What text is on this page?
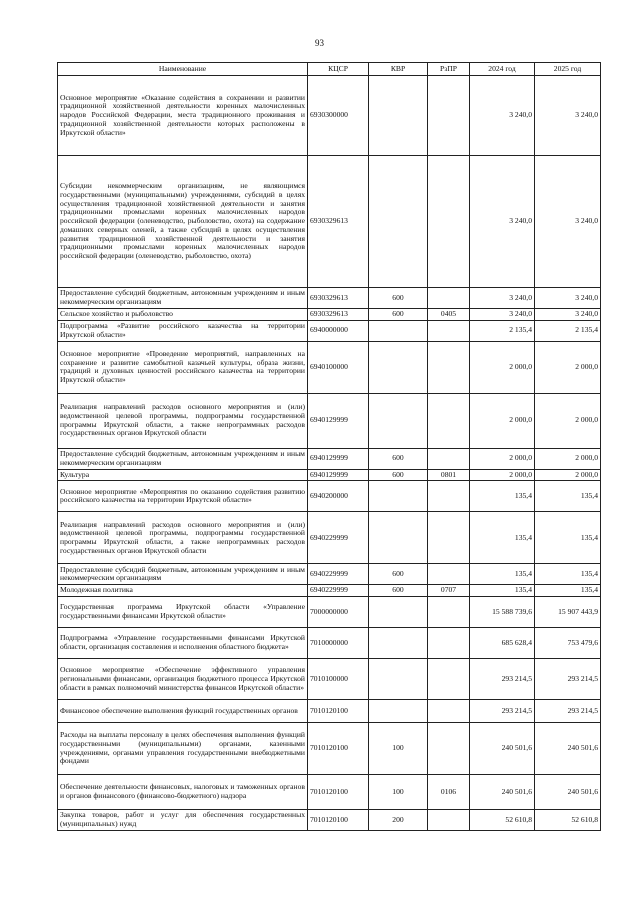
93
Наименование	КЦСР	КВР	РзПР	2024 год	2025 год
Основное мероприятие «Оказание содействия в сохранении и развитии традиционной хозяйственной деятельности коренных малочисленных народов Российской Федерации, места традиционного проживания и традиционной хозяйственной деятельности которых расположены в Иркутской области»	6930300000			3 240,0	3 240,0
Субсидии некоммерческим организациям, не являющимся государственными (муниципальными) учреждениями, субсидий в целях осуществления традиционной хозяйственной деятельности и занятия традиционными промыслами коренных малочисленных народов российской федерации (оленеводство, рыболовство, охота) на содержание домашних северных оленей, а также субсидий в целях осуществления развития традиционной хозяйственной деятельности и занятия традиционными промыслами коренных малочисленных народов российской федерации (оленеводство, рыболовство, охота)	6930329613			3 240,0	3 240,0
Предоставление субсидий бюджетным, автономным учреждениям и иным некоммерческим организациям	6930329613	600		3 240,0	3 240,0
Сельское хозяйство и рыболовство	6930329613	600	0405	3 240,0	3 240,0
Подпрограмма «Развитие российского казачества на территории Иркутской области»	6940000000			2 135,4	2 135,4
Основное мероприятие «Проведение мероприятий, направленных на сохранение и развитие самобытной казачьей культуры, образа жизни, традиций и духовных ценностей российского казачества на территории Иркутской области»	6940100000			2 000,0	2 000,0
Реализация направлений расходов основного мероприятия и (или) ведомственной целевой программы, подпрограммы государственной программы Иркутской области, а также непрограммных расходов государственных органов Иркутской области	6940129999			2 000,0	2 000,0
Предоставление субсидий бюджетным, автономным учреждениям и иным некоммерческим организациям	6940129999	600		2 000,0	2 000,0
Культура	6940129999	600	0801	2 000,0	2 000,0
Основное мероприятие «Мероприятия по оказанию содействия развитию российского казачества на территории Иркутской области»	6940200000			135,4	135,4
Реализация направлений расходов основного мероприятия и (или) ведомственной целевой программы, подпрограммы государственной программы Иркутской области, а также непрограммных расходов государственных органов Иркутской области	6940229999			135,4	135,4
Предоставление субсидий бюджетным, автономным учреждениям и иным некоммерческим организациям	6940229999	600		135,4	135,4
Молодежная политика	6940229999	600	0707	135,4	135,4
Государственная программа Иркутской области «Управление государственными финансами Иркутской области»	7000000000			15 588 739,6	15 907 443,9
Подпрограмма «Управление государственными финансами Иркутской области, организация составления и исполнения областного бюджета»	7010000000			685 628,4	753 479,6
Основное мероприятие «Обеспечение эффективного управления региональными финансами, организация бюджетного процесса Иркутской области в рамках полномочий министерства финансов Иркутской области»	7010100000			293 214,5	293 214,5
Финансовое обеспечение выполнения функций государственных органов	7010120100			293 214,5	293 214,5
Расходы на выплаты персоналу в целях обеспечения выполнения функций государственными (муниципальными) органами, казенными учреждениями, органами управления государственными внебюджетными фондами	7010120100	100		240 501,6	240 501,6
Обеспечение деятельности финансовых, налоговых и таможенных органов и органов финансового (финансово-бюджетного) надзора	7010120100	100	0106	240 501,6	240 501,6
Закупка товаров, работ и услуг для обеспечения государственных (муниципальных) нужд	7010120100	200		52 610,8	52 610,8
